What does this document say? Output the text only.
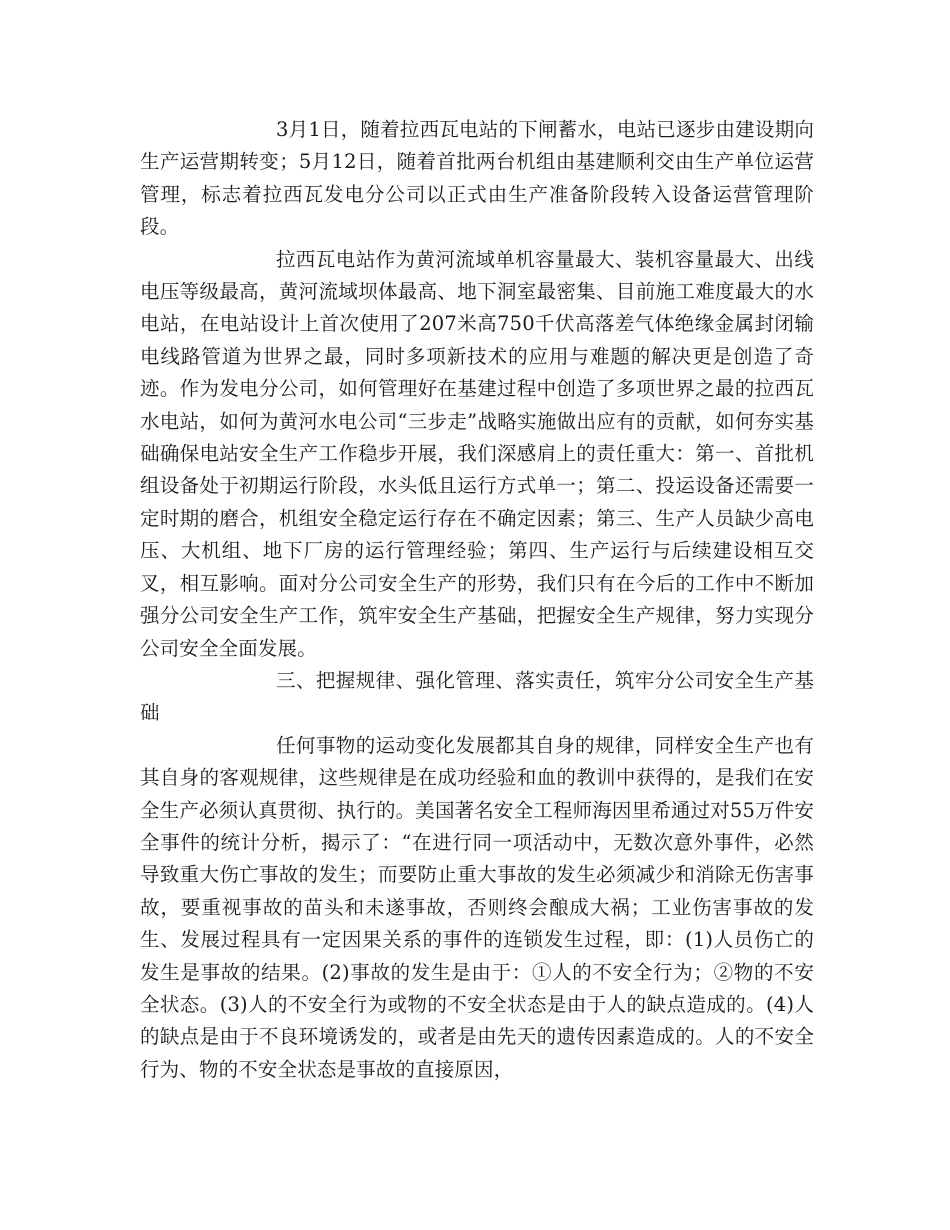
3月1日，随着拉西瓦电站的下闸蓄水，电站已逐步由建设期向生产运营期转变；5月12日，随着首批两台机组由基建顺利交由生产单位运营管理，标志着拉西瓦发电分公司以正式由生产准备阶段转入设备运营管理阶段。

拉西瓦电站作为黄河流域单机容量最大、装机容量最大、出线电压等级最高，黄河流域坝体最高、地下洞室最密集、目前施工难度最大的水电站，在电站设计上首次使用了207米高750千伏高落差气体绝缘金属封闭输电线路管道为世界之最，同时多项新技术的应用与难题的解决更是创造了奇迹。作为发电分公司，如何管理好在基建过程中创造了多项世界之最的拉西瓦水电站，如何为黄河水电公司“三步走”战略实施做出应有的贡献，如何夯实基础确保电站安全生产工作稳步开展，我们深感肩上的责任重大：第一、首批机组设备处于初期运行阶段，水头低且运行方式单一；第二、投运设备还需要一定时期的磨合，机组安全稳定运行存在不确定因素；第三、生产人员缺少高电压、大机组、地下厂房的运行管理经验；第四、生产运行与后续建设相互交叉，相互影响。面对分公司安全生产的形势，我们只有在今后的工作中不断加强分公司安全生产工作，筑牢安全生产基础，把握安全生产规律，努力实现分公司安全全面发展。

三、把握规律、强化管理、落实责任，筑牢分公司安全生产基础

任何事物的运动变化发展都其自身的规律，同样安全生产也有其自身的客观规律，这些规律是在成功经验和血的教训中获得的，是我们在安全生产必须认真贯彻、执行的。美国著名安全工程师海因里希通过对55万件安全事件的统计分析，揭示了：“在进行同一项活动中，无数次意外事件，必然导致重大伤亡事故的发生；而要防止重大事故的发生必须减少和消除无伤害事故，要重视事故的苗头和未遂事故，否则终会酿成大祸；工业伤害事故的发生、发展过程具有一定因果关系的事件的连锁发生过程，即：(1)人员伤亡的发生是事故的结果。(2)事故的发生是由于：①人的不安全行为；②物的不安全状态。(3)人的不安全行为或物的不安全状态是由于人的缺点造成的。(4)人的缺点是由于不良环境诱发的，或者是由先天的遗传因素造成的。人的不安全行为、物的不安全状态是事故的直接原因，
